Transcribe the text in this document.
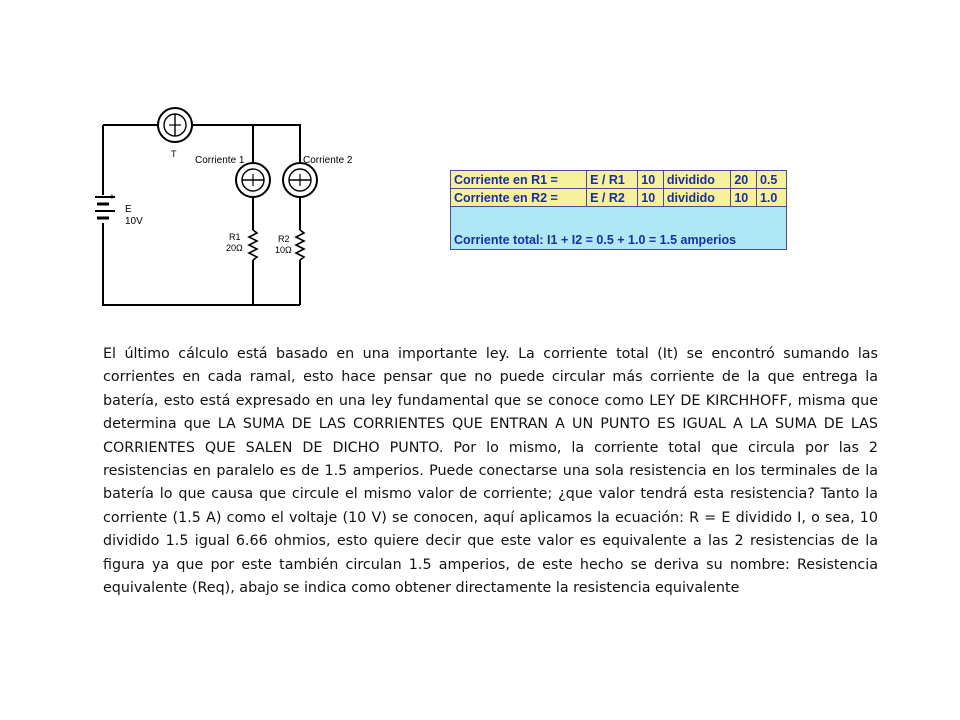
T
Corriente 1	Corriente 2
+
E
10V
R1
20Ω
R2
10Ω
Corriente en R1 =	E / R1	10	dividido	20	0.5
Corriente en R2 =	E / R2	10	dividido	10	1.0
Corriente total: I1 + I2 = 0.5 + 1.0 = 1.5 amperios					

El último cálculo está basado en una importante ley. La corriente total (It) se encontró sumando las corrientes en cada ramal, esto hace pensar que no puede circular más corriente de la que entrega la batería, esto está expresado en una ley fundamental que se conoce como LEY DE KIRCHHOFF, misma que determina que LA SUMA DE LAS CORRIENTES QUE ENTRAN A UN PUNTO ES IGUAL A LA SUMA DE LAS CORRIENTES QUE SALEN DE DICHO PUNTO. Por lo mismo, la corriente total que circula por las 2 resistencias en paralelo es de 1.5 amperios. Puede conectarse una sola resistencia en los terminales de la batería lo que causa que circule el mismo valor de corriente; ¿que valor tendrá esta resistencia? Tanto la corriente (1.5 A) como el voltaje (10 V) se conocen, aquí aplicamos la ecuación: R = E dividido I, o sea, 10 dividido 1.5 igual 6.66 ohmios, esto quiere decir que este valor es equivalente a las 2 resistencias de la figura ya que por este también circulan 1.5 amperios, de este hecho se deriva su nombre: Resistencia equivalente (Req), abajo se indica como obtener directamente la resistencia equivalente
